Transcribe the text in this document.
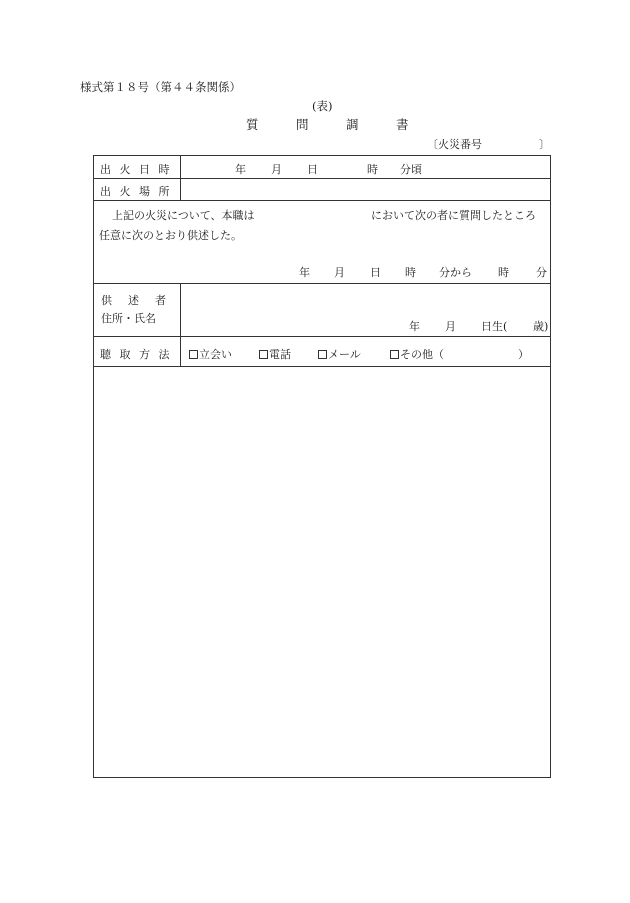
様式第１８号（第４４条関係）
(表)
質	問	調	書
〔火災番号	〕
出 火 日 時	年 月 日	時 分頃
出 火 場 所
上記の火災について、本職は	において次の者に質問したところ
任意に次のとおり供述した。
年 月 日 時 分から 時 分
供 述 者
住所・氏名
年 月 日生( 歳)
聴 取 方 法	立会い	電話	メール	その他（	）
